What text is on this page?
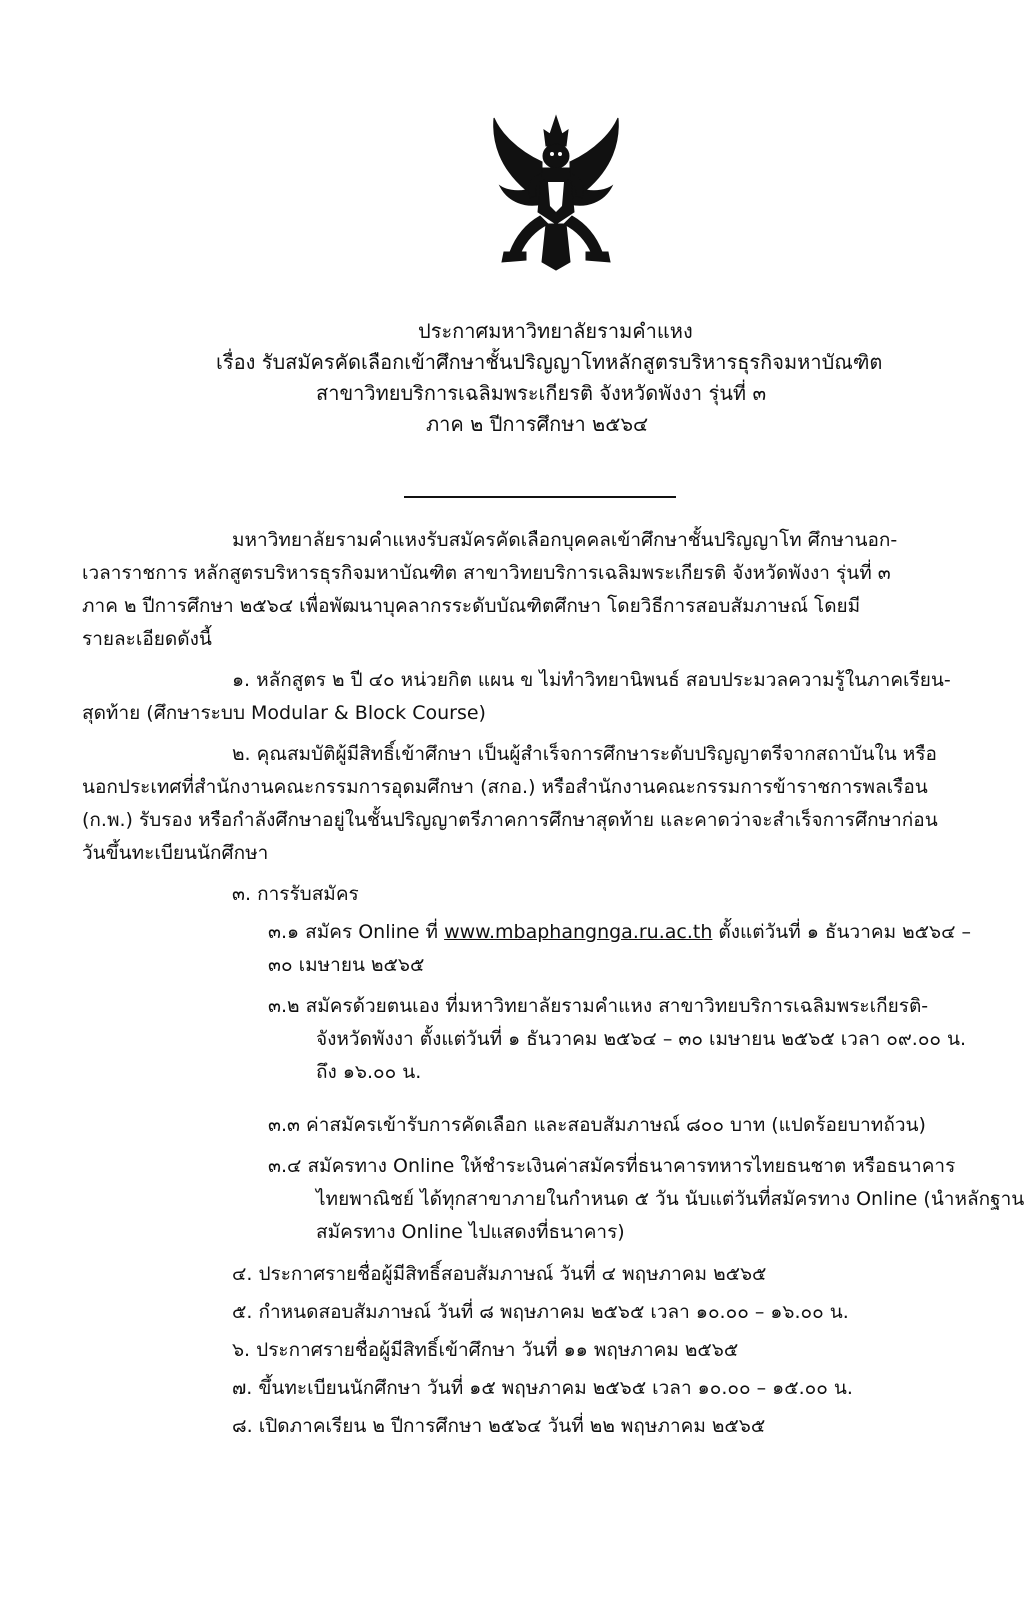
ประกาศมหาวิทยาลัยรามคำแหง
เรื่อง รับสมัครคัดเลือกเข้าศึกษาชั้นปริญญาโทหลักสูตรบริหารธุรกิจมหาบัณฑิต
สาขาวิทยบริการเฉลิมพระเกียรติ จังหวัดพังงา รุ่นที่ ๓
ภาค ๒ ปีการศึกษา ๒๕๖๔
มหาวิทยาลัยรามคำแหงรับสมัครคัดเลือกบุคคลเข้าศึกษาชั้นปริญญาโท ศึกษานอก-
เวลาราชการ หลักสูตรบริหารธุรกิจมหาบัณฑิต สาขาวิทยบริการเฉลิมพระเกียรติ จังหวัดพังงา รุ่นที่ ๓
ภาค ๒ ปีการศึกษา ๒๕๖๔ เพื่อพัฒนาบุคลากรระดับบัณฑิตศึกษา โดยวิธีการสอบสัมภาษณ์ โดยมี
รายละเอียดดังนี้
๑. หลักสูตร ๒ ปี ๔๐ หน่วยกิต แผน ข ไม่ทำวิทยานิพนธ์ สอบประมวลความรู้ในภาคเรียน-
สุดท้าย (ศึกษาระบบ Modular & Block Course)
๒. คุณสมบัติผู้มีสิทธิ์เข้าศึกษา เป็นผู้สำเร็จการศึกษาระดับปริญญาตรีจากสถาบันใน หรือ
นอกประเทศที่สำนักงานคณะกรรมการอุดมศึกษา (สกอ.) หรือสำนักงานคณะกรรมการข้าราชการพลเรือน
(ก.พ.) รับรอง หรือกำลังศึกษาอยู่ในชั้นปริญญาตรีภาคการศึกษาสุดท้าย และคาดว่าจะสำเร็จการศึกษาก่อน
วันขึ้นทะเบียนนักศึกษา
๓. การรับสมัคร
๓.๑ สมัคร Online ที่ www.mbaphangnga.ru.ac.th ตั้งแต่วันที่ ๑ ธันวาคม ๒๕๖๔ –
๓๐ เมษายน ๒๕๖๕
๓.๒ สมัครด้วยตนเอง ที่มหาวิทยาลัยรามคำแหง สาขาวิทยบริการเฉลิมพระเกียรติ-
จังหวัดพังงา ตั้งแต่วันที่ ๑ ธันวาคม ๒๕๖๔ – ๓๐ เมษายน ๒๕๖๕ เวลา ๐๙.๐๐ น.
ถึง ๑๖.๐๐ น.
๓.๓ ค่าสมัครเข้ารับการคัดเลือก และสอบสัมภาษณ์ ๘๐๐ บาท (แปดร้อยบาทถ้วน)
๓.๔ สมัครทาง Online ให้ชำระเงินค่าสมัครที่ธนาคารทหารไทยธนชาต หรือธนาคาร
ไทยพาณิชย์ ได้ทุกสาขาภายในกำหนด ๕ วัน นับแต่วันที่สมัครทาง Online (นำหลักฐาน
สมัครทาง Online ไปแสดงที่ธนาคาร)
๔. ประกาศรายชื่อผู้มีสิทธิ์สอบสัมภาษณ์ วันที่ ๔ พฤษภาคม ๒๕๖๕
๕. กำหนดสอบสัมภาษณ์ วันที่ ๘ พฤษภาคม ๒๕๖๕ เวลา ๑๐.๐๐ – ๑๖.๐๐ น.
๖. ประกาศรายชื่อผู้มีสิทธิ์เข้าศึกษา วันที่ ๑๑ พฤษภาคม ๒๕๖๕
๗. ขึ้นทะเบียนนักศึกษา วันที่ ๑๕ พฤษภาคม ๒๕๖๕ เวลา ๑๐.๐๐ – ๑๕.๐๐ น.
๘. เปิดภาคเรียน ๒ ปีการศึกษา ๒๕๖๔ วันที่ ๒๒ พฤษภาคม ๒๕๖๕
